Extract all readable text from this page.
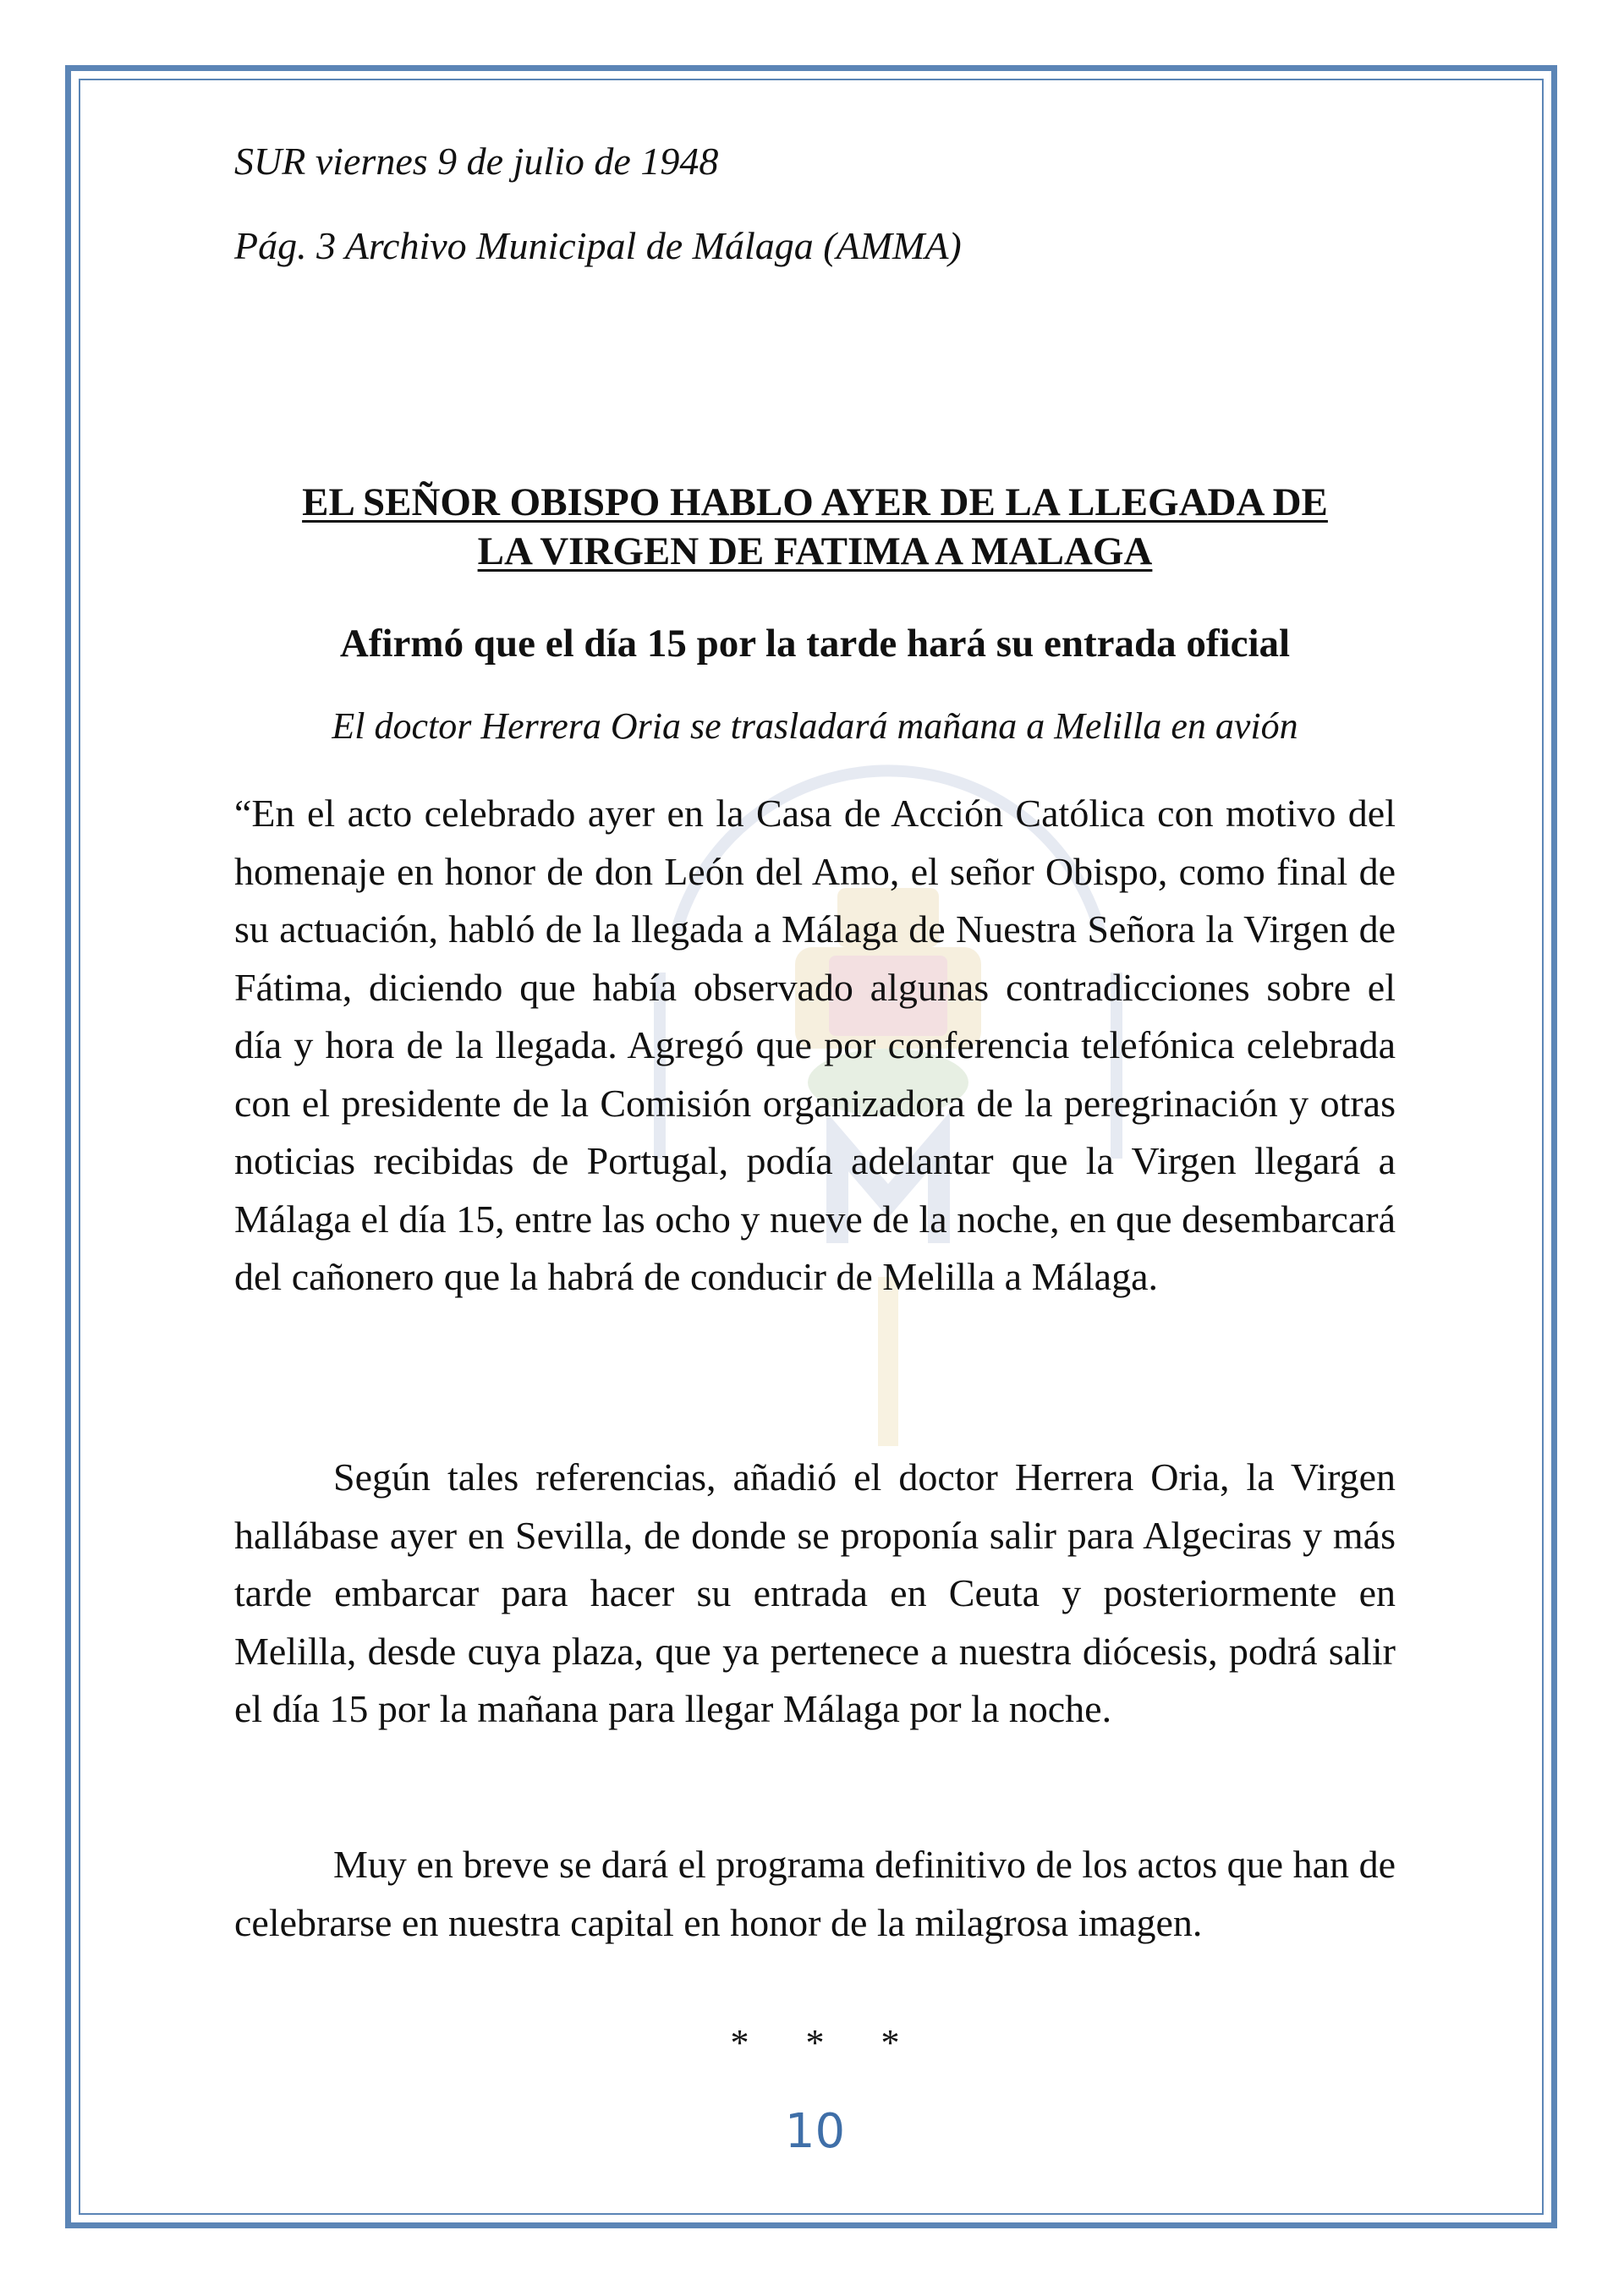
SUR viernes 9 de julio de 1948
Pág. 3 Archivo Municipal de Málaga (AMMA)
EL SEÑOR OBISPO HABLO AYER DE LA LLEGADA DE
LA VIRGEN DE FATIMA A MALAGA
Afirmó que el día 15 por la tarde hará su entrada oficial
El doctor Herrera Oria se trasladará mañana a Melilla en avión

“En el acto celebrado ayer en la Casa de Acción Católica con motivo del homenaje en honor de don León del Amo, el señor Obispo, como final de su actuación, habló de la llegada a Málaga de Nuestra Señora la Virgen de Fátima, diciendo que había observado algunas contradicciones sobre el día y hora de la llegada. Agregó que por conferencia telefónica celebrada con el presidente de la Comisión organizadora de la peregrinación y otras noticias recibidas de Portugal, podía adelantar que la Virgen llegará a Málaga el día 15, entre las ocho y nueve de la noche, en que desembarcará del cañonero que la habrá de conducir de Melilla a Málaga.

Según tales referencias, añadió el doctor Herrera Oria, la Virgen hallábase ayer en Sevilla, de donde se proponía salir para Algeciras y más tarde embarcar para hacer su entrada en Ceuta y posteriormente en Melilla, desde cuya plaza, que ya pertenece a nuestra diócesis, podrá salir el día 15 por la mañana para llegar Málaga por la noche.

Muy en breve se dará el programa definitivo de los actos que han de celebrarse en nuestra capital en honor de la milagrosa imagen.

* * *
10
